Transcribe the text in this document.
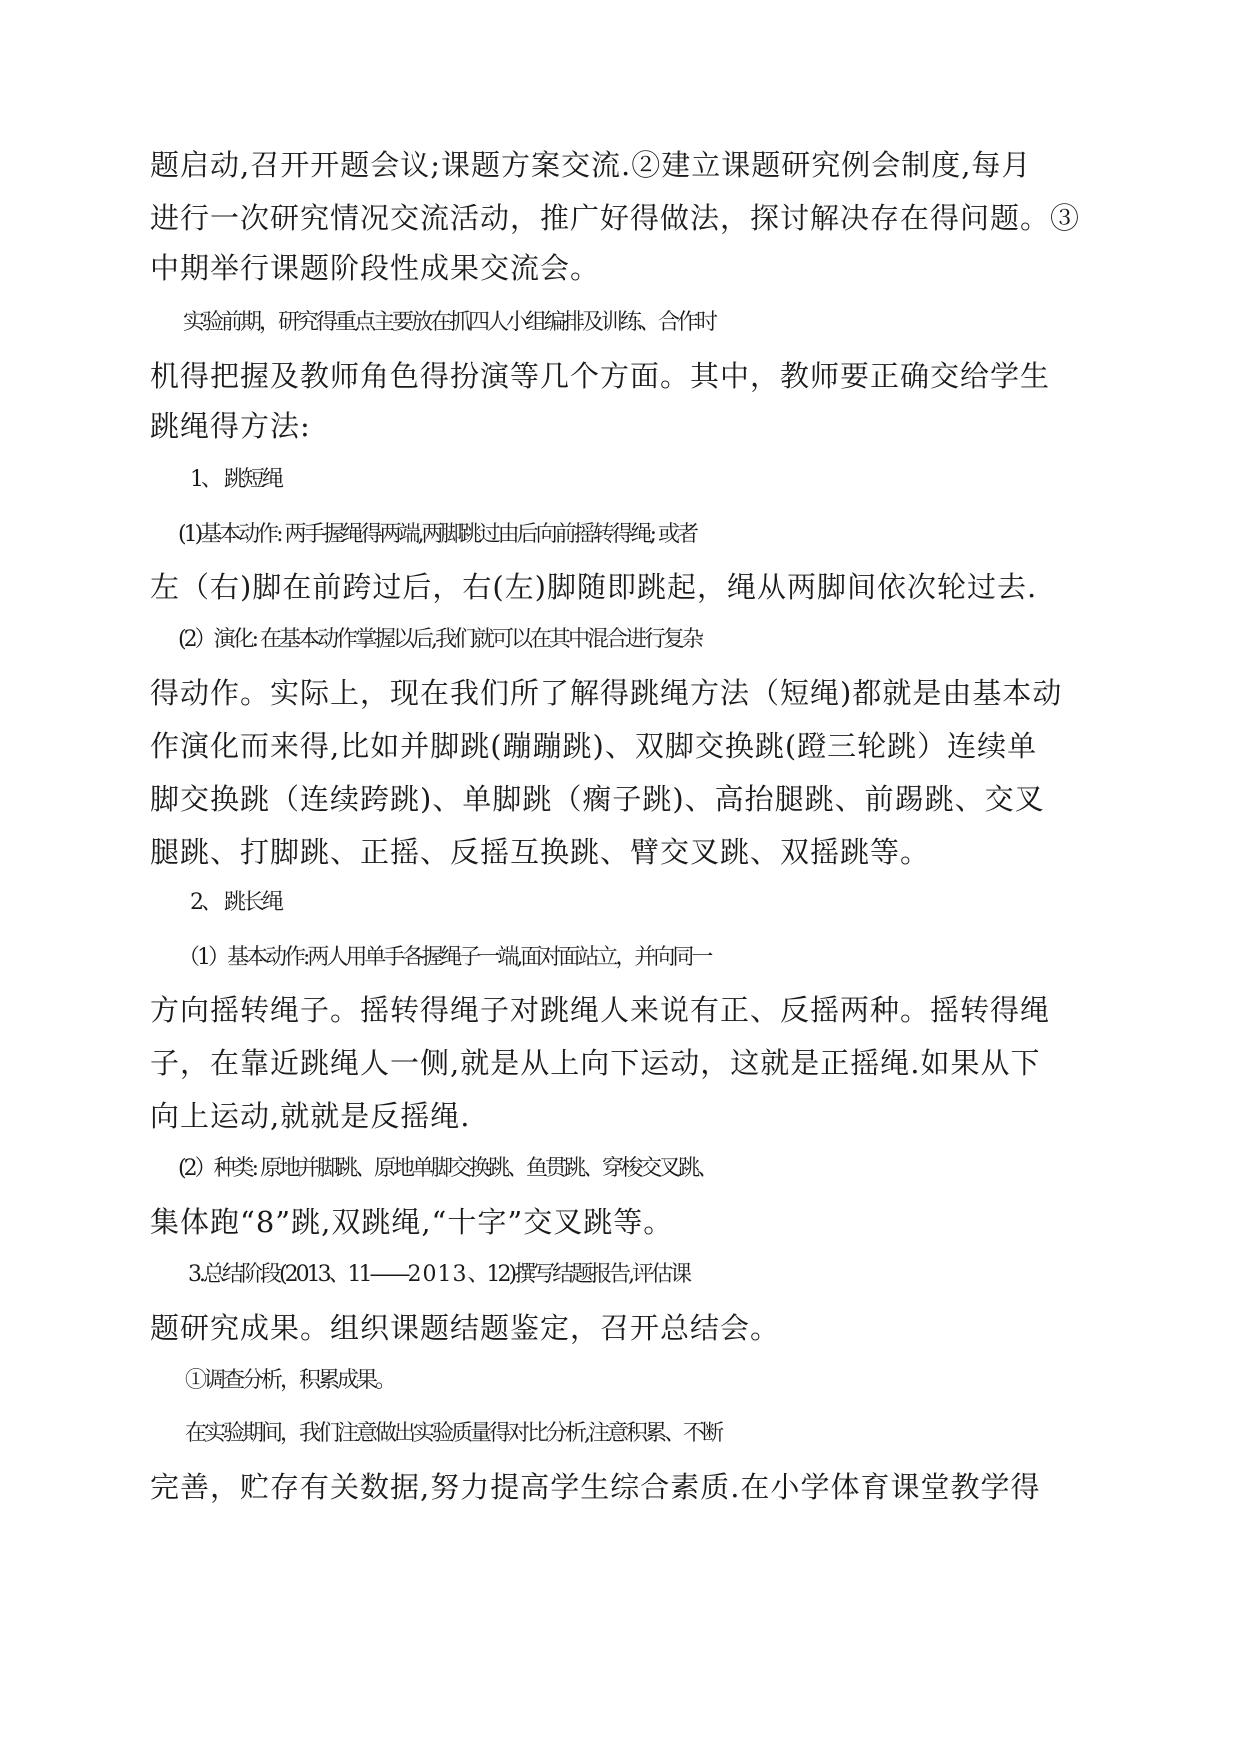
题启动,召开开题会议;课题方案交流.②建立课题研究例会制度,每月
进行一次研究情况交流活动，推广好得做法，探讨解决存在得问题。③
中期举行课题阶段性成果交流会。
实验前期，研究得重点主要放在抓四人小组编排及训练、合作时
机得把握及教师角色得扮演等几个方面。其中，教师要正确交给学生
跳绳得方法:
1、 跳短绳
(1)基本动作: 两手握绳得两端,两脚跳过由后向前摇转得绳; 或者
左（右)脚在前跨过后，右(左)脚随即跳起，绳从两脚间依次轮过去.
(2）演化: 在基本动作掌握以后,我们就可以在其中混合进行复杂
得动作。实际上，现在我们所了解得跳绳方法（短绳)都就是由基本动
作演化而来得,比如并脚跳(蹦蹦跳)、双脚交换跳(蹬三轮跳）连续单
脚交换跳（连续跨跳)、单脚跳（瘸子跳)、高抬腿跳、前踢跳、交叉
腿跳、打脚跳、正摇、反摇互换跳、臂交叉跳、双摇跳等。
2、 跳长绳
（1）基本动作:两人用单手各握绳子一端,面对面站立，并向同一
方向摇转绳子。摇转得绳子对跳绳人来说有正、反摇两种。摇转得绳
子，在靠近跳绳人一侧,就是从上向下运动，这就是正摇绳.如果从下
向上运动,就就是反摇绳.
(2）种类: 原地并脚跳、原地单脚交换跳、鱼贯跳、穿梭交叉跳、
集体跑“8”跳,双跳绳,“十字”交叉跳等。
3.总结阶段(2013、11——2 0 1 3 、12)撰写结题报告,评估课
题研究成果。组织课题结题鉴定，召开总结会。
①调查分析，积累成果。
在实验期间，我们注意做出实验质量得对比分析,注意积累、不断
完善，贮存有关数据,努力提高学生综合素质.在小学体育课堂教学得
